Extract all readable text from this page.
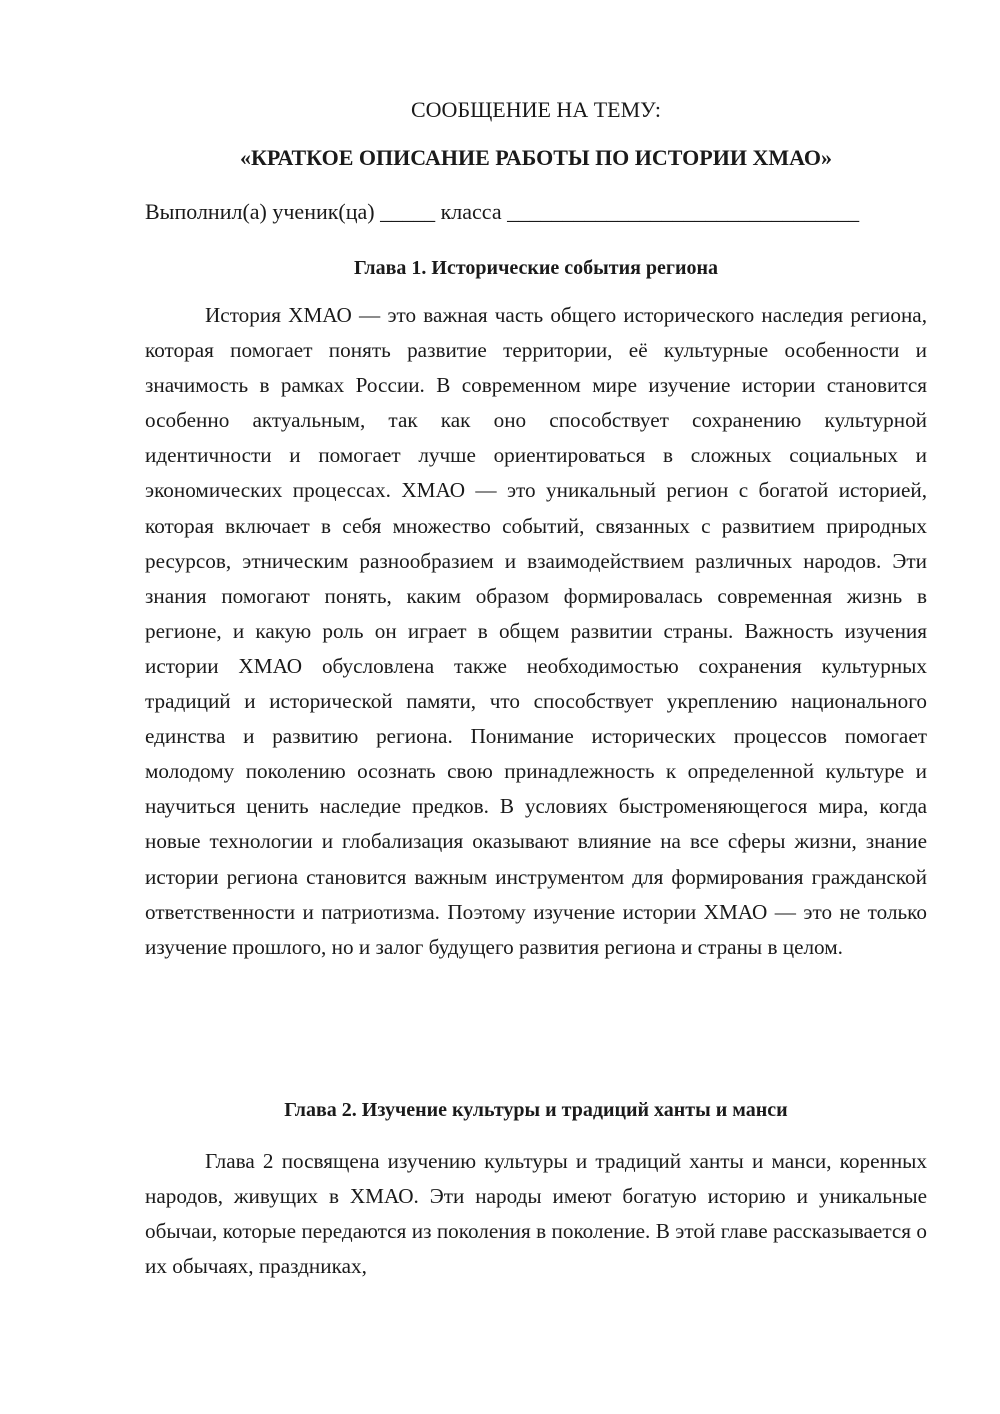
СООБЩЕНИЕ НА ТЕМУ:
«КРАТКОЕ ОПИСАНИЕ РАБОТЫ ПО ИСТОРИИ ХМАО»
Выполнил(а) ученик(ца) _____ класса ________________________________
Глава 1. Исторические события региона

История ХМАО — это важная часть общего исторического наследия региона, которая помогает понять развитие территории, её культурные особенности и значимость в рамках России. В современном мире изучение истории становится особенно актуальным, так как оно способствует сохранению культурной идентичности и помогает лучше ориентироваться в сложных социальных и экономических процессах. ХМАО — это уникальный регион с богатой историей, которая включает в себя множество событий, связанных с развитием природных ресурсов, этническим разнообразием и взаимодействием различных народов. Эти знания помогают понять, каким образом формировалась современная жизнь в регионе, и какую роль он играет в общем развитии страны. Важность изучения истории ХМАО обусловлена также необходимостью сохранения культурных традиций и исторической памяти, что способствует укреплению национального единства и развитию региона. Понимание исторических процессов помогает молодому поколению осознать свою принадлежность к определенной культуре и научиться ценить наследие предков. В условиях быстроменяющегося мира, когда новые технологии и глобализация оказывают влияние на все сферы жизни, знание истории региона становится важным инструментом для формирования гражданской ответственности и патриотизма. Поэтому изучение истории ХМАО — это не только изучение прошлого, но и залог будущего развития региона и страны в целом.

Глава 2. Изучение культуры и традиций ханты и манси

Глава 2 посвящена изучению культуры и традиций ханты и манси, коренных народов, живущих в ХМАО. Эти народы имеют богатую историю и уникальные обычаи, которые передаются из поколения в поколение. В этой главе рассказывается о их обычаях, праздниках,
